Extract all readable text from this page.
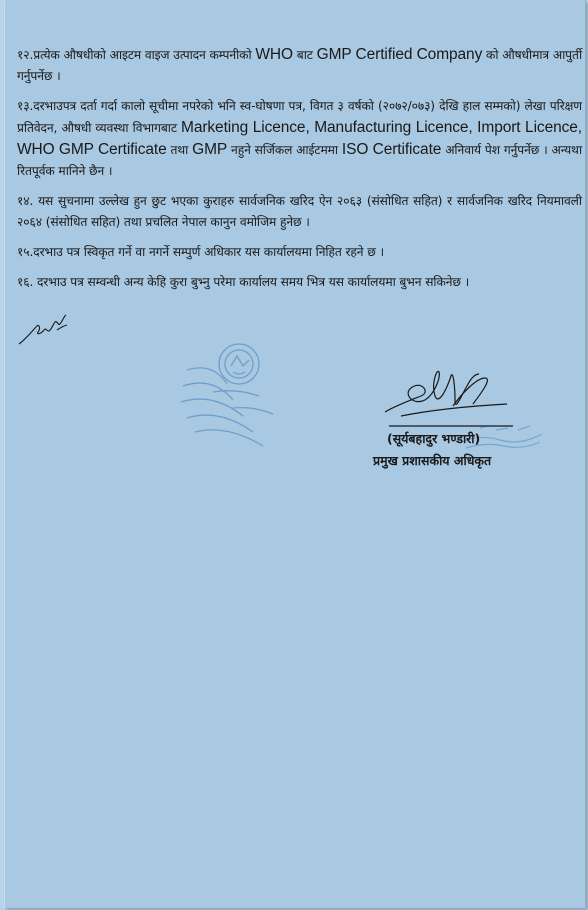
१२.प्रत्येक औषधीको आइटम वाइज उत्पादन कम्पनीको WHO बाट GMP Certified Company को औषधीमात्र आपुर्ती गर्नुपर्नेछ ।

१३.दरभाउपत्र दर्ता गर्दा कालो सूचीमा नपरेको भनि स्व-घोषणा पत्र, विगत ३ वर्षको (२०७२/०७३) देखि हाल सम्मको) लेखा परिक्षण प्रतिवेदन, औषधी व्यवस्था विभागबाट Marketing Licence, Manufacturing Licence, Import Licence, WHO GMP Certificate तथा GMP नहुने सर्जिकल आईटममा ISO Certificate अनिवार्य पेश गर्नुपर्नेछ । अन्यथा रितपूर्वक मानिने छैन ।

१४. यस सुचनामा उल्लेख हुन छुट भएका कुराहरु सार्वजनिक खरिद ऐन २०६३ (संसोधित सहित) र सार्वजनिक खरिद नियमावली २०६४ (संसोधित सहित) तथा प्रचलित नेपाल कानुन वमोजिम हुनेछ ।

१५.दरभाउ पत्र स्विकृत गर्ने वा नगर्ने सम्पुर्ण अधिकार यस कार्यालयमा निहित रहने छ ।

१६. दरभाउ पत्र सम्वन्धी अन्य केहि कुरा बुभ्नु परेमा कार्यालय समय भित्र यस कार्यालयमा बुभन सकिनेछ ।

(सूर्यबहादुर भण्डारी)
प्रमुख प्रशासकीय अधिकृत
